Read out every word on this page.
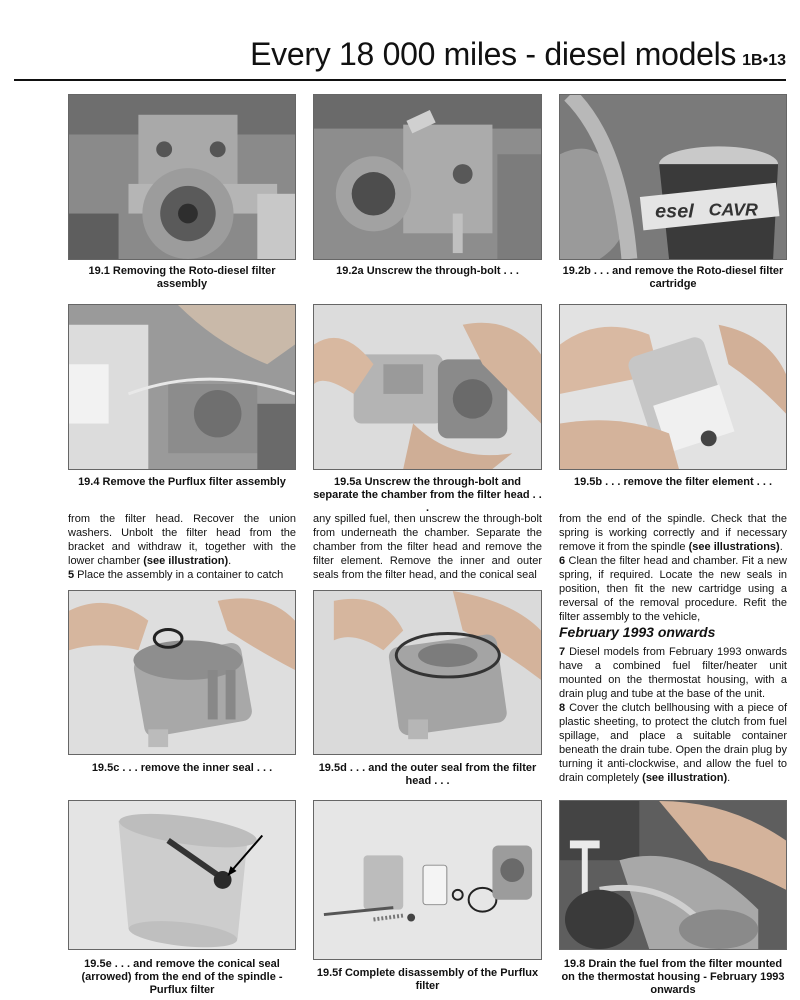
Every 18 000 miles - diesel models 1B•13
19.1 Removing the Roto-diesel filter assembly
19.2a Unscrew the through-bolt . . .
esel CAVR
19.2b . . . and remove the Roto-diesel filter cartridge
19.4 Remove the Purflux filter assembly	19.5a Unscrew the through-bolt and separate the chamber from the filter head . . .
19.5b . . . remove the filter element . . .

from the filter head. Recover the union washers. Unbolt the filter head from the bracket and withdraw it, together with the lower chamber (see illustration).

5 Place the assembly in a container to catch

any spilled fuel, then unscrew the through-bolt from underneath the chamber. Separate the chamber from the filter head and remove the filter element. Remove the inner and outer seals from the filter head, and the conical seal

from the end of the spindle. Check that the spring is working correctly and if necessary remove it from the spindle (see illustrations).

6 Clean the filter head and chamber. Fit a new spring, if required. Locate the new seals in position, then fit the new cartridge using a reversal of the removal procedure. Refit the filter assembly to the vehicle,

February 1993 onwards

7 Diesel models from February 1993 onwards have a combined fuel filter/heater unit mounted on the thermostat housing, with a drain plug and tube at the base of the unit.

8 Cover the clutch bellhousing with a piece of plastic sheeting, to protect the clutch from fuel spillage, and place a suitable container beneath the drain tube. Open the drain plug by turning it anti-clockwise, and allow the fuel to drain completely (see illustration).

19.5c . . . remove the inner seal . . .	19.5d . . . and the outer seal from the filter head . . .
19.5e . . . and remove the conical seal (arrowed) from the end of the spindle - Purflux filter
19.5f Complete disassembly of the Purflux filter
19.8 Drain the fuel from the filter mounted on the thermostat housing - February 1993 onwards
